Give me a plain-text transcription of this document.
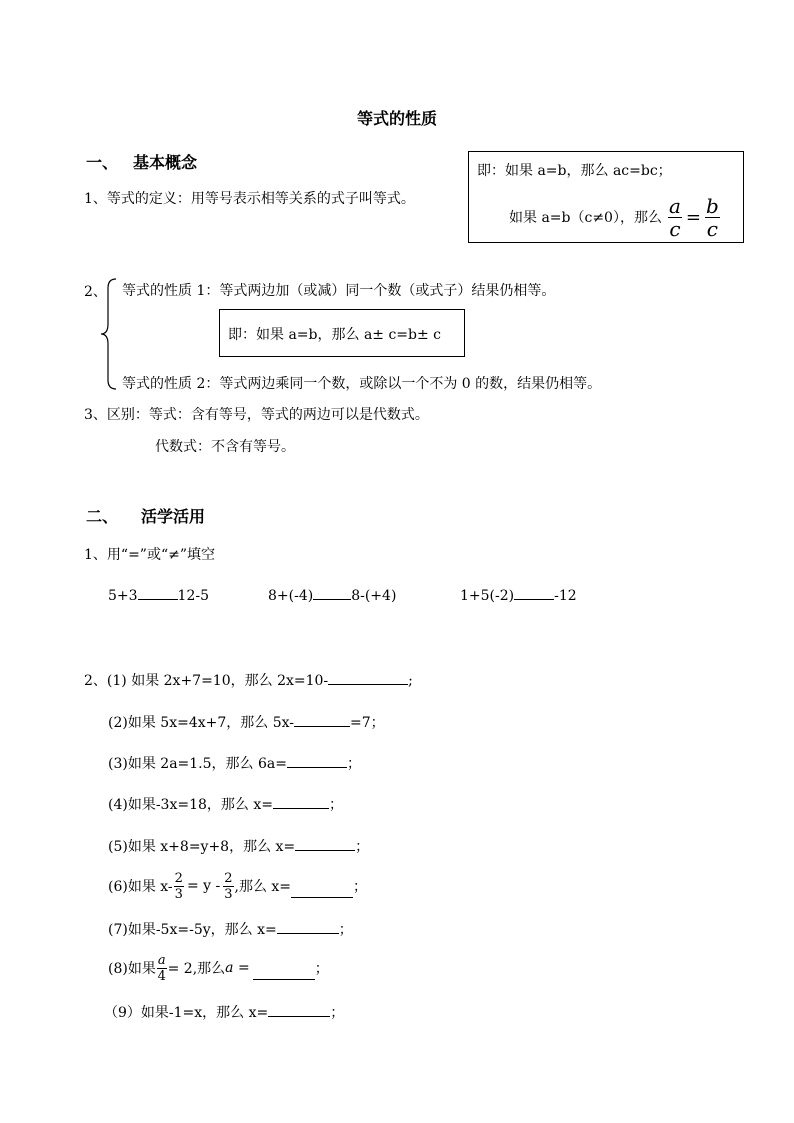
等式的性质
一、 基本概念
1、等式的定义：用等号表示相等关系的式子叫等式。
即：如果 a=b，那么 ac=bc；
如果 a=b（c≠0），那么 $\frac{a}{c} = \frac{b}{c}$
2、 等式的性质 1：等式两边加（或减）同一个数（或式子）结果仍相等。
即：如果 a=b，那么 a± c=b± c
等式的性质 2：等式两边乘同一个数，或除以一个不为 0 的数，结果仍相等。
3、区别：等式：含有等号，等式的两边可以是代数式。
代数式：不含有等号。
二、 活学活用
1、用“=”或“≠”填空
5+3	12-5	8+(-4)	8-(+4)	1+5(-2)	-12
2、(1) 如果 2x+7=10，那么 2x=10-	;
(2)如果 5x=4x+7，那么 5x-	=7；
(3)如果 2a=1.5，那么 6a=	；
(4)如果-3x=18，那么 x=	；
(5)如果 x+8=y+8，那么 x=	；
(6)如果 $x- \frac{2}{3} = y - \frac{2}{3}$ ,那么 x=	；
(7)如果-5x=-5y，那么 x=	；
(8)如果 $\frac{a}{4} = 2$,那么 a =	；
（9）如果-1=x，那么 x=	；
